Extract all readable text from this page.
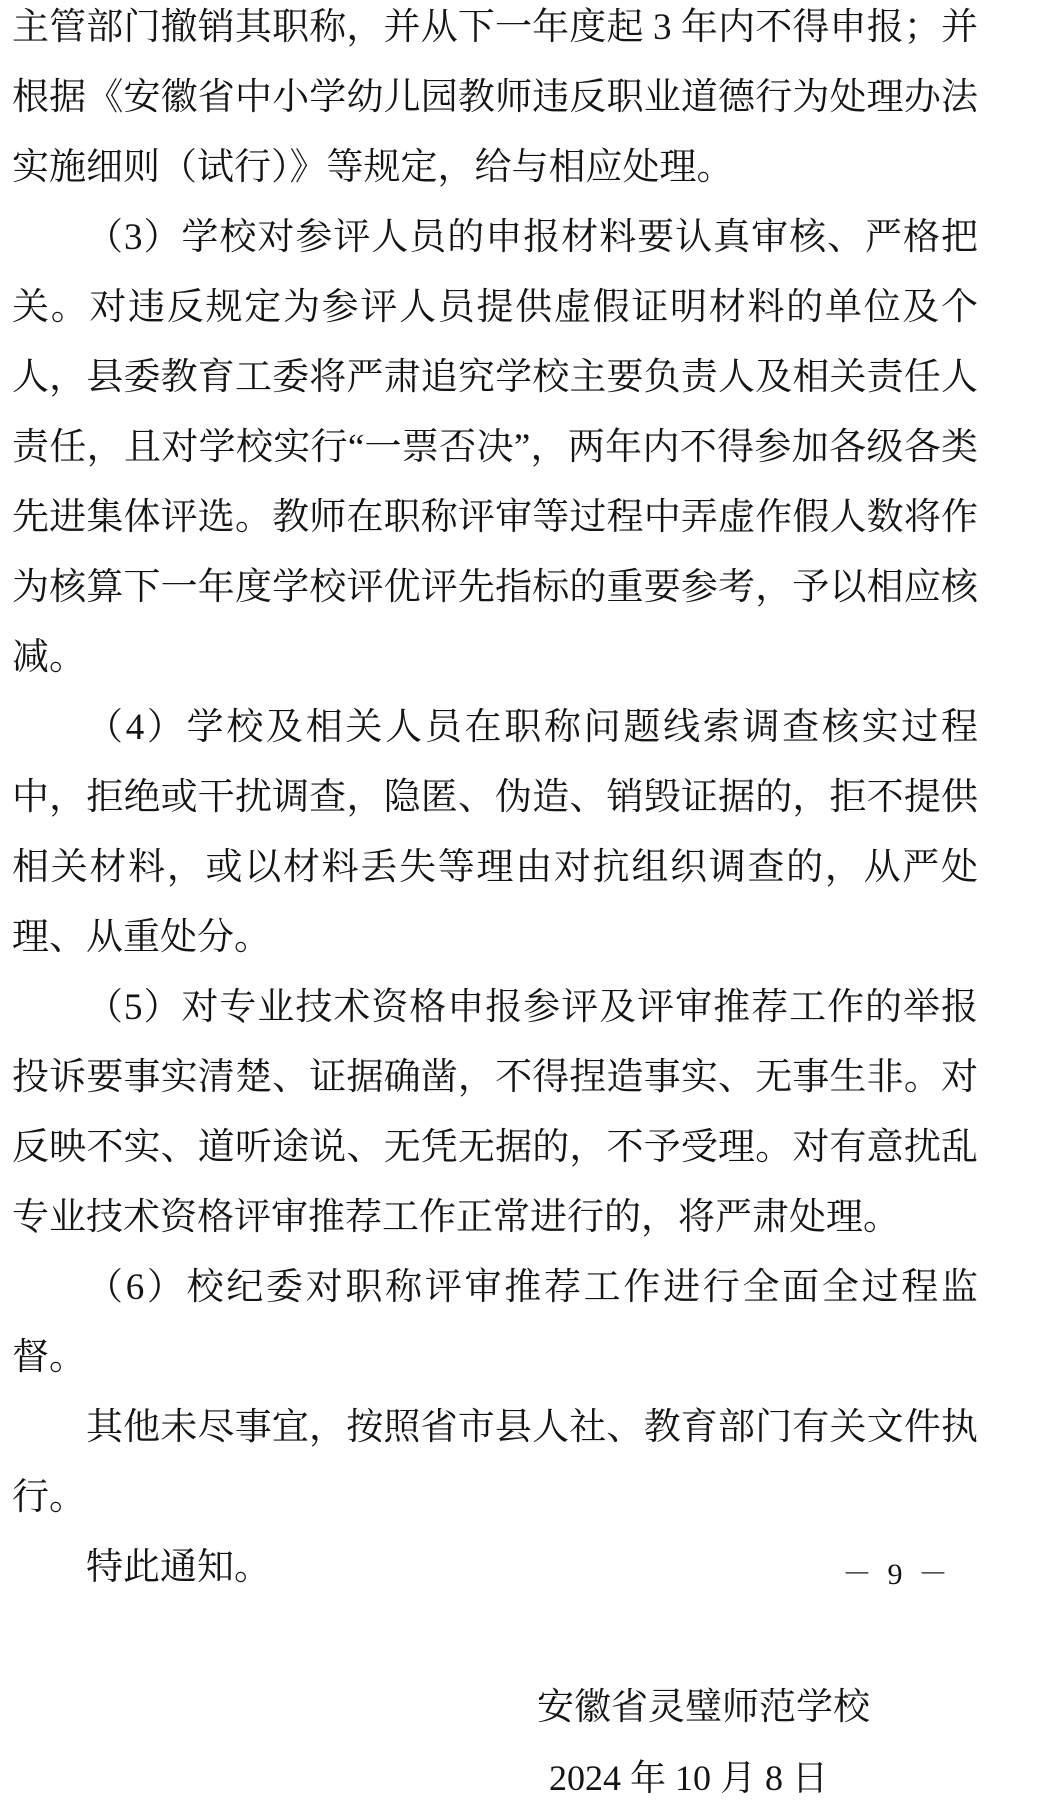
主管部门撤销其职称，并从下一年度起 3 年内不得申报；并根据《安徽省中小学幼儿园教师违反职业道德行为处理办法实施细则（试行）》等规定，给与相应处理。

（3）学校对参评人员的申报材料要认真审核、严格把关。对违反规定为参评人员提供虚假证明材料的单位及个人，县委教育工委将严肃追究学校主要负责人及相关责任人责任，且对学校实行“一票否决”，两年内不得参加各级各类先进集体评选。教师在职称评审等过程中弄虚作假人数将作为核算下一年度学校评优评先指标的重要参考，予以相应核减。

（4）学校及相关人员在职称问题线索调查核实过程中，拒绝或干扰调查，隐匿、伪造、销毁证据的，拒不提供相关材料，或以材料丢失等理由对抗组织调查的，从严处理、从重处分。

（5）对专业技术资格申报参评及评审推荐工作的举报投诉要事实清楚、证据确凿，不得捏造事实、无事生非。对反映不实、道听途说、无凭无据的，不予受理。对有意扰乱专业技术资格评审推荐工作正常进行的，将严肃处理。

（6）校纪委对职称评审推荐工作进行全面全过程监督。

其他未尽事宜，按照省市县人社、教育部门有关文件执行。

特此通知。

安徽省灵璧师范学校
2024 年 10 月 8 日
－ 9 －
